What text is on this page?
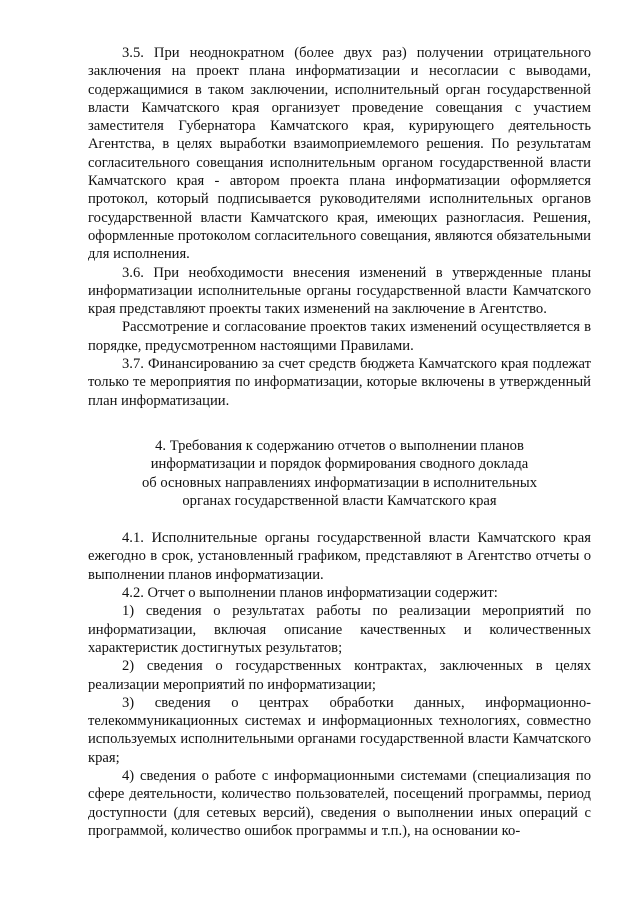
3.5. При неоднократном (более двух раз) получении отрицательного заключения на проект плана информатизации и несогласии с выводами, содержащимися в таком заключении, исполнительный орган государственной власти Камчатского края организует проведение совещания с участием заместителя Губернатора Камчатского края, курирующего деятельность Агентства, в целях выработки взаимоприемлемого решения. По результатам согласительного совещания исполнительным органом государственной власти Камчатского края - автором проекта плана информатизации оформляется протокол, который подписывается руководителями исполнительных органов государственной власти Камчатского края, имеющих разногласия. Решения, оформленные протоколом согласительного совещания, являются обязательными для исполнения.

3.6. При необходимости внесения изменений в утвержденные планы информатизации исполнительные органы государственной власти Камчатского края представляют проекты таких изменений на заключение в Агентство.

Рассмотрение и согласование проектов таких изменений осуществляется в порядке, предусмотренном настоящими Правилами.

3.7. Финансированию за счет средств бюджета Камчатского края подлежат только те мероприятия по информатизации, которые включены в утвержденный план информатизации.

4. Требования к содержанию отчетов о выполнении планов
информатизации и порядок формирования сводного доклада
об основных направлениях информатизации в исполнительных
органах государственной власти Камчатского края

4.1. Исполнительные органы государственной власти Камчатского края ежегодно в срок, установленный графиком, представляют в Агентство отчеты о выполнении планов информатизации.

4.2. Отчет о выполнении планов информатизации содержит:

1) сведения о результатах работы по реализации мероприятий по информатизации, включая описание качественных и количественных характеристик достигнутых результатов;

2) сведения о государственных контрактах, заключенных в целях реализации мероприятий по информатизации;

3) сведения о центрах обработки данных, информационно-телекоммуникационных системах и информационных технологиях, совместно используемых исполнительными органами государственной власти Камчатского края;

4) сведения о работе с информационными системами (специализация по сфере деятельности, количество пользователей, посещений программы, период доступности (для сетевых версий), сведения о выполнении иных операций с программой, количество ошибок программы и т.п.), на основании ко-
